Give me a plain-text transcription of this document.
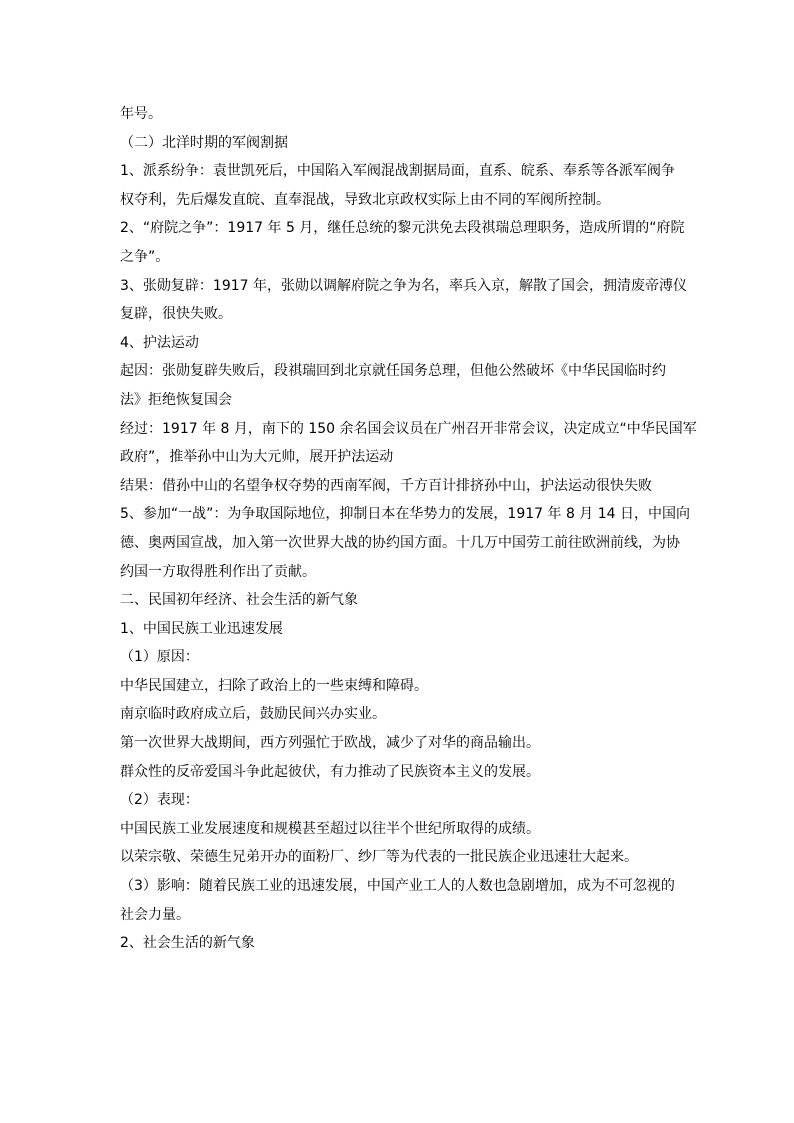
年号。
（二）北洋时期的军阀割据
1、派系纷争：袁世凯死后，中国陷入军阀混战割据局面，直系、皖系、奉系等各派军阀争
权夺利，先后爆发直皖、直奉混战，导致北京政权实际上由不同的军阀所控制。
2、“府院之争”：1917 年 5 月，继任总统的黎元洪免去段祺瑞总理职务，造成所谓的“府院
之争”。
3、张勋复辟：1917 年，张勋以调解府院之争为名，率兵入京，解散了国会，拥清废帝溥仪
复辟，很快失败。
4、护法运动
起因：张勋复辟失败后，段祺瑞回到北京就任国务总理，但他公然破坏《中华民国临时约
法》拒绝恢复国会
经过：1917 年 8 月，南下的 150 余名国会议员在广州召开非常会议，决定成立“中华民国军
政府”，推举孙中山为大元帅，展开护法运动
结果：借孙中山的名望争权夺势的西南军阀，千方百计排挤孙中山，护法运动很快失败
5、参加“一战”：为争取国际地位，抑制日本在华势力的发展，1917 年 8 月 14 日，中国向
德、奥两国宣战，加入第一次世界大战的协约国方面。十几万中国劳工前往欧洲前线，为协
约国一方取得胜利作出了贡献。
二、民国初年经济、社会生活的新气象
1、中国民族工业迅速发展
（1）原因：
中华民国建立，扫除了政治上的一些束缚和障碍。
南京临时政府成立后，鼓励民间兴办实业。
第一次世界大战期间，西方列强忙于欧战，减少了对华的商品输出。
群众性的反帝爱国斗争此起彼伏，有力推动了民族资本主义的发展。
（2）表现：
中国民族工业发展速度和规模甚至超过以往半个世纪所取得的成绩。
以荣宗敬、荣德生兄弟开办的面粉厂、纱厂等为代表的一批民族企业迅速壮大起来。
（3）影响：随着民族工业的迅速发展，中国产业工人的人数也急剧增加，成为不可忽视的
社会力量。
2、社会生活的新气象
